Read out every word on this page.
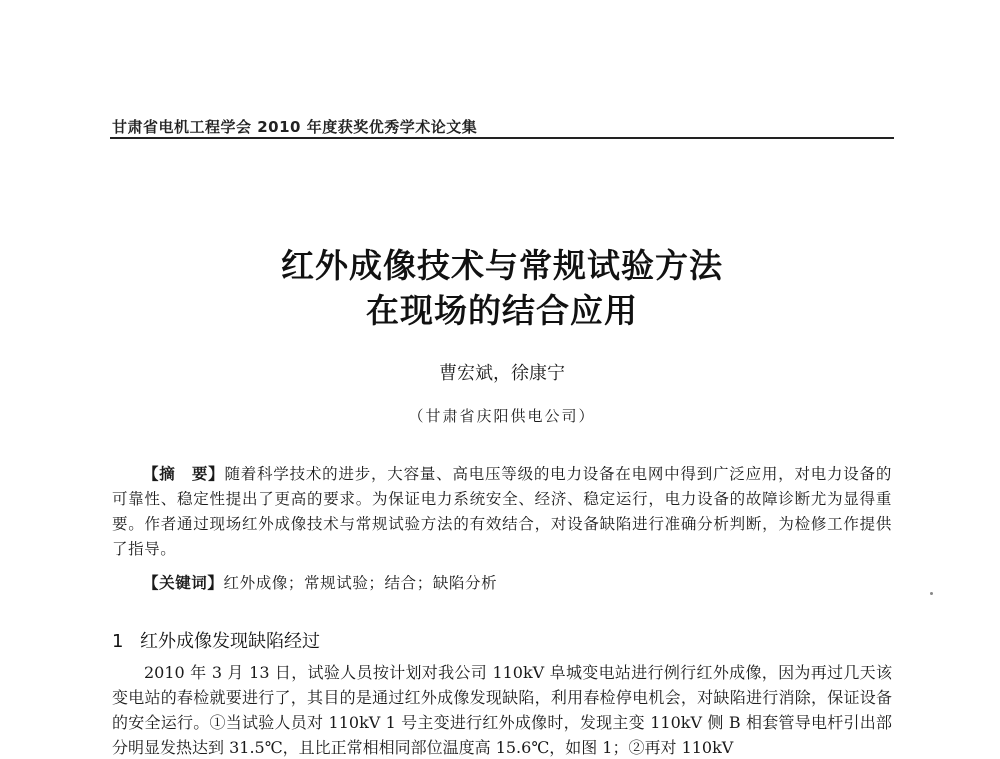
甘肃省电机工程学会 2010 年度获奖优秀学术论文集
红外成像技术与常规试验方法
在现场的结合应用
曹宏斌，徐康宁
（甘肃省庆阳供电公司）
【摘　要】随着科学技术的进步，大容量、高电压等级的电力设备在电网中得到广泛应用，对电力设备的可靠性、稳定性提出了更高的要求。为保证电力系统安全、经济、稳定运行，电力设备的故障诊断尤为显得重要。作者通过现场红外成像技术与常规试验方法的有效结合，对设备缺陷进行准确分析判断，为检修工作提供了指导。
【关键词】红外成像；常规试验；结合；缺陷分析
1 红外成像发现缺陷经过
2010 年 3 月 13 日，试验人员按计划对我公司 110kV 阜城变电站进行例行红外成像，因为再过几天该变电站的春检就要进行了，其目的是通过红外成像发现缺陷，利用春检停电机会，对缺陷进行消除，保证设备的安全运行。①当试验人员对 110kV 1 号主变进行红外成像时，发现主变 110kV 侧 B 相套管导电杆引出部分明显发热达到 31.5℃，且比正常相相同部位温度高 15.6℃，如图 1；②再对 110kV
